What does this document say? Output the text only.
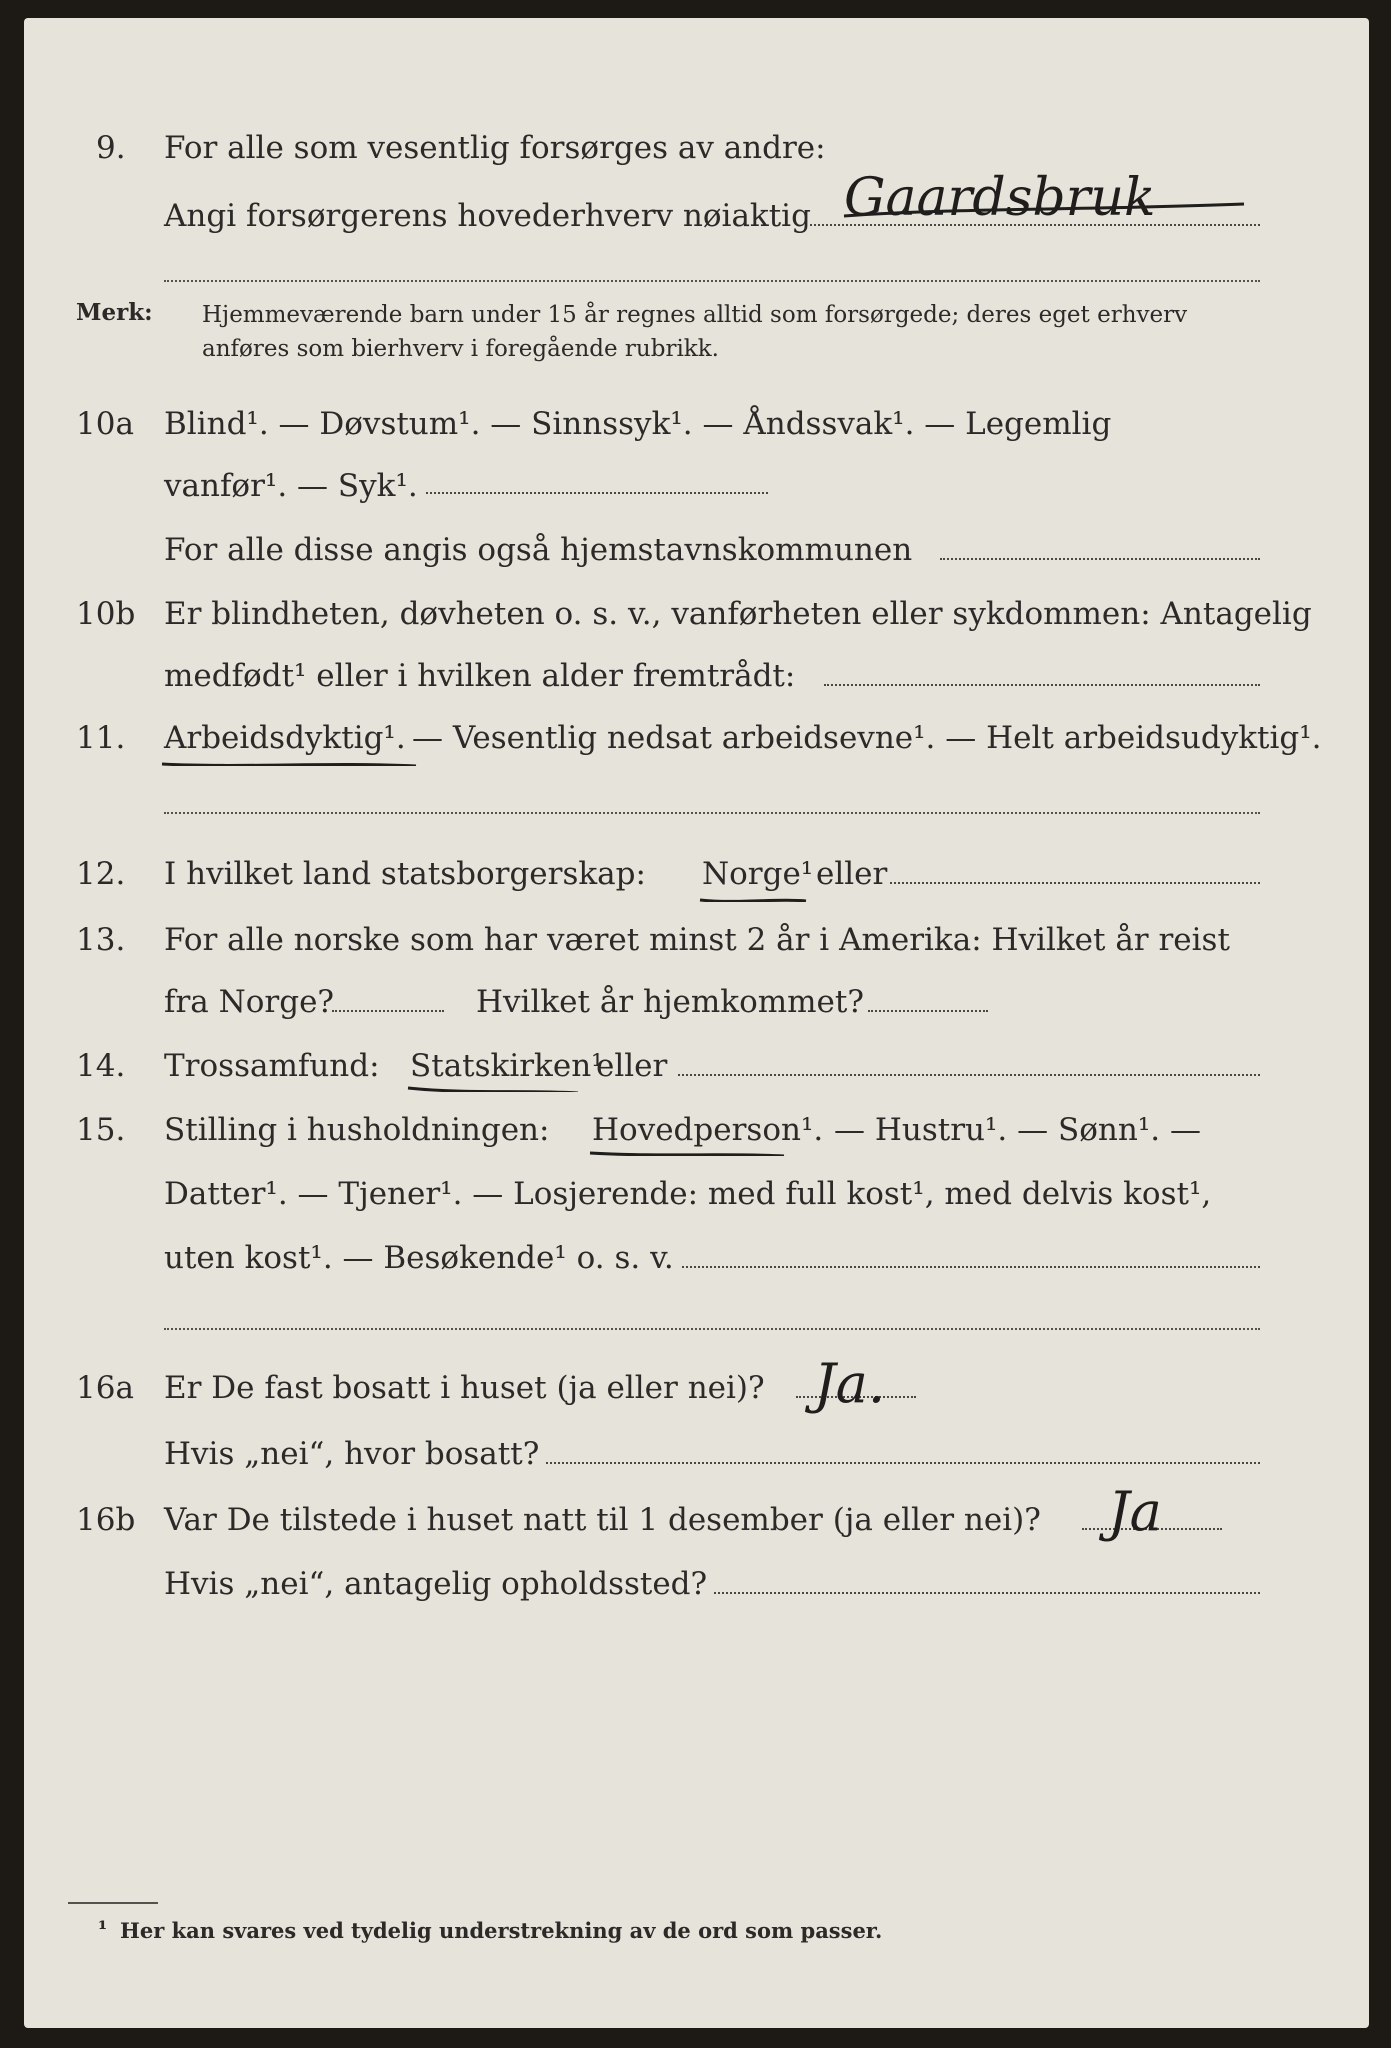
9. For alle som vesentlig forsørges av andre:
Angi forsørgerens hovederhverv nøiaktig Gaardsbruk
Merk: Hjemmeværende barn under 15 år regnes alltid som forsørgede; deres eget erhverv
anføres som bierhverv i foregående rubrikk.
10a Blind¹. — Døvstum¹. — Sinnssyk¹. — Åndssvak¹. — Legemlig
vanfør¹. — Syk¹.
For alle disse angis også hjemstavnskommunen
10b Er blindheten, døvheten o. s. v., vanførheten eller sykdommen: Antagelig
medfødt¹ eller i hvilken alder fremtrådt:
11. Arbeidsdyktig¹. — Vesentlig nedsat arbeidsevne¹. — Helt arbeidsudyktig¹.
12. I hvilket land statsborgerskap: Norge¹ eller
13. For alle norske som har været minst 2 år i Amerika: Hvilket år reist
fra Norge?	Hvilket år hjemkommet?
14. Trossamfund: Statskirken¹
eller
15. Stilling i husholdningen: Hovedperson¹. — Hustru¹. — Sønn¹. —
Datter¹. — Tjener¹. — Losjerende: med full kost¹, med delvis kost¹,
uten kost¹. — Besøkende¹ o. s. v.
16a Er De fast bosatt i huset (ja eller nei)? Ja.
Hvis „nei“, hvor bosatt?
16b Var De tilstede i huset natt til 1 desember (ja eller nei)? Ja
Hvis „nei“, antagelig opholdssted?
¹ Her kan svares ved tydelig understrekning av de ord som passer.
